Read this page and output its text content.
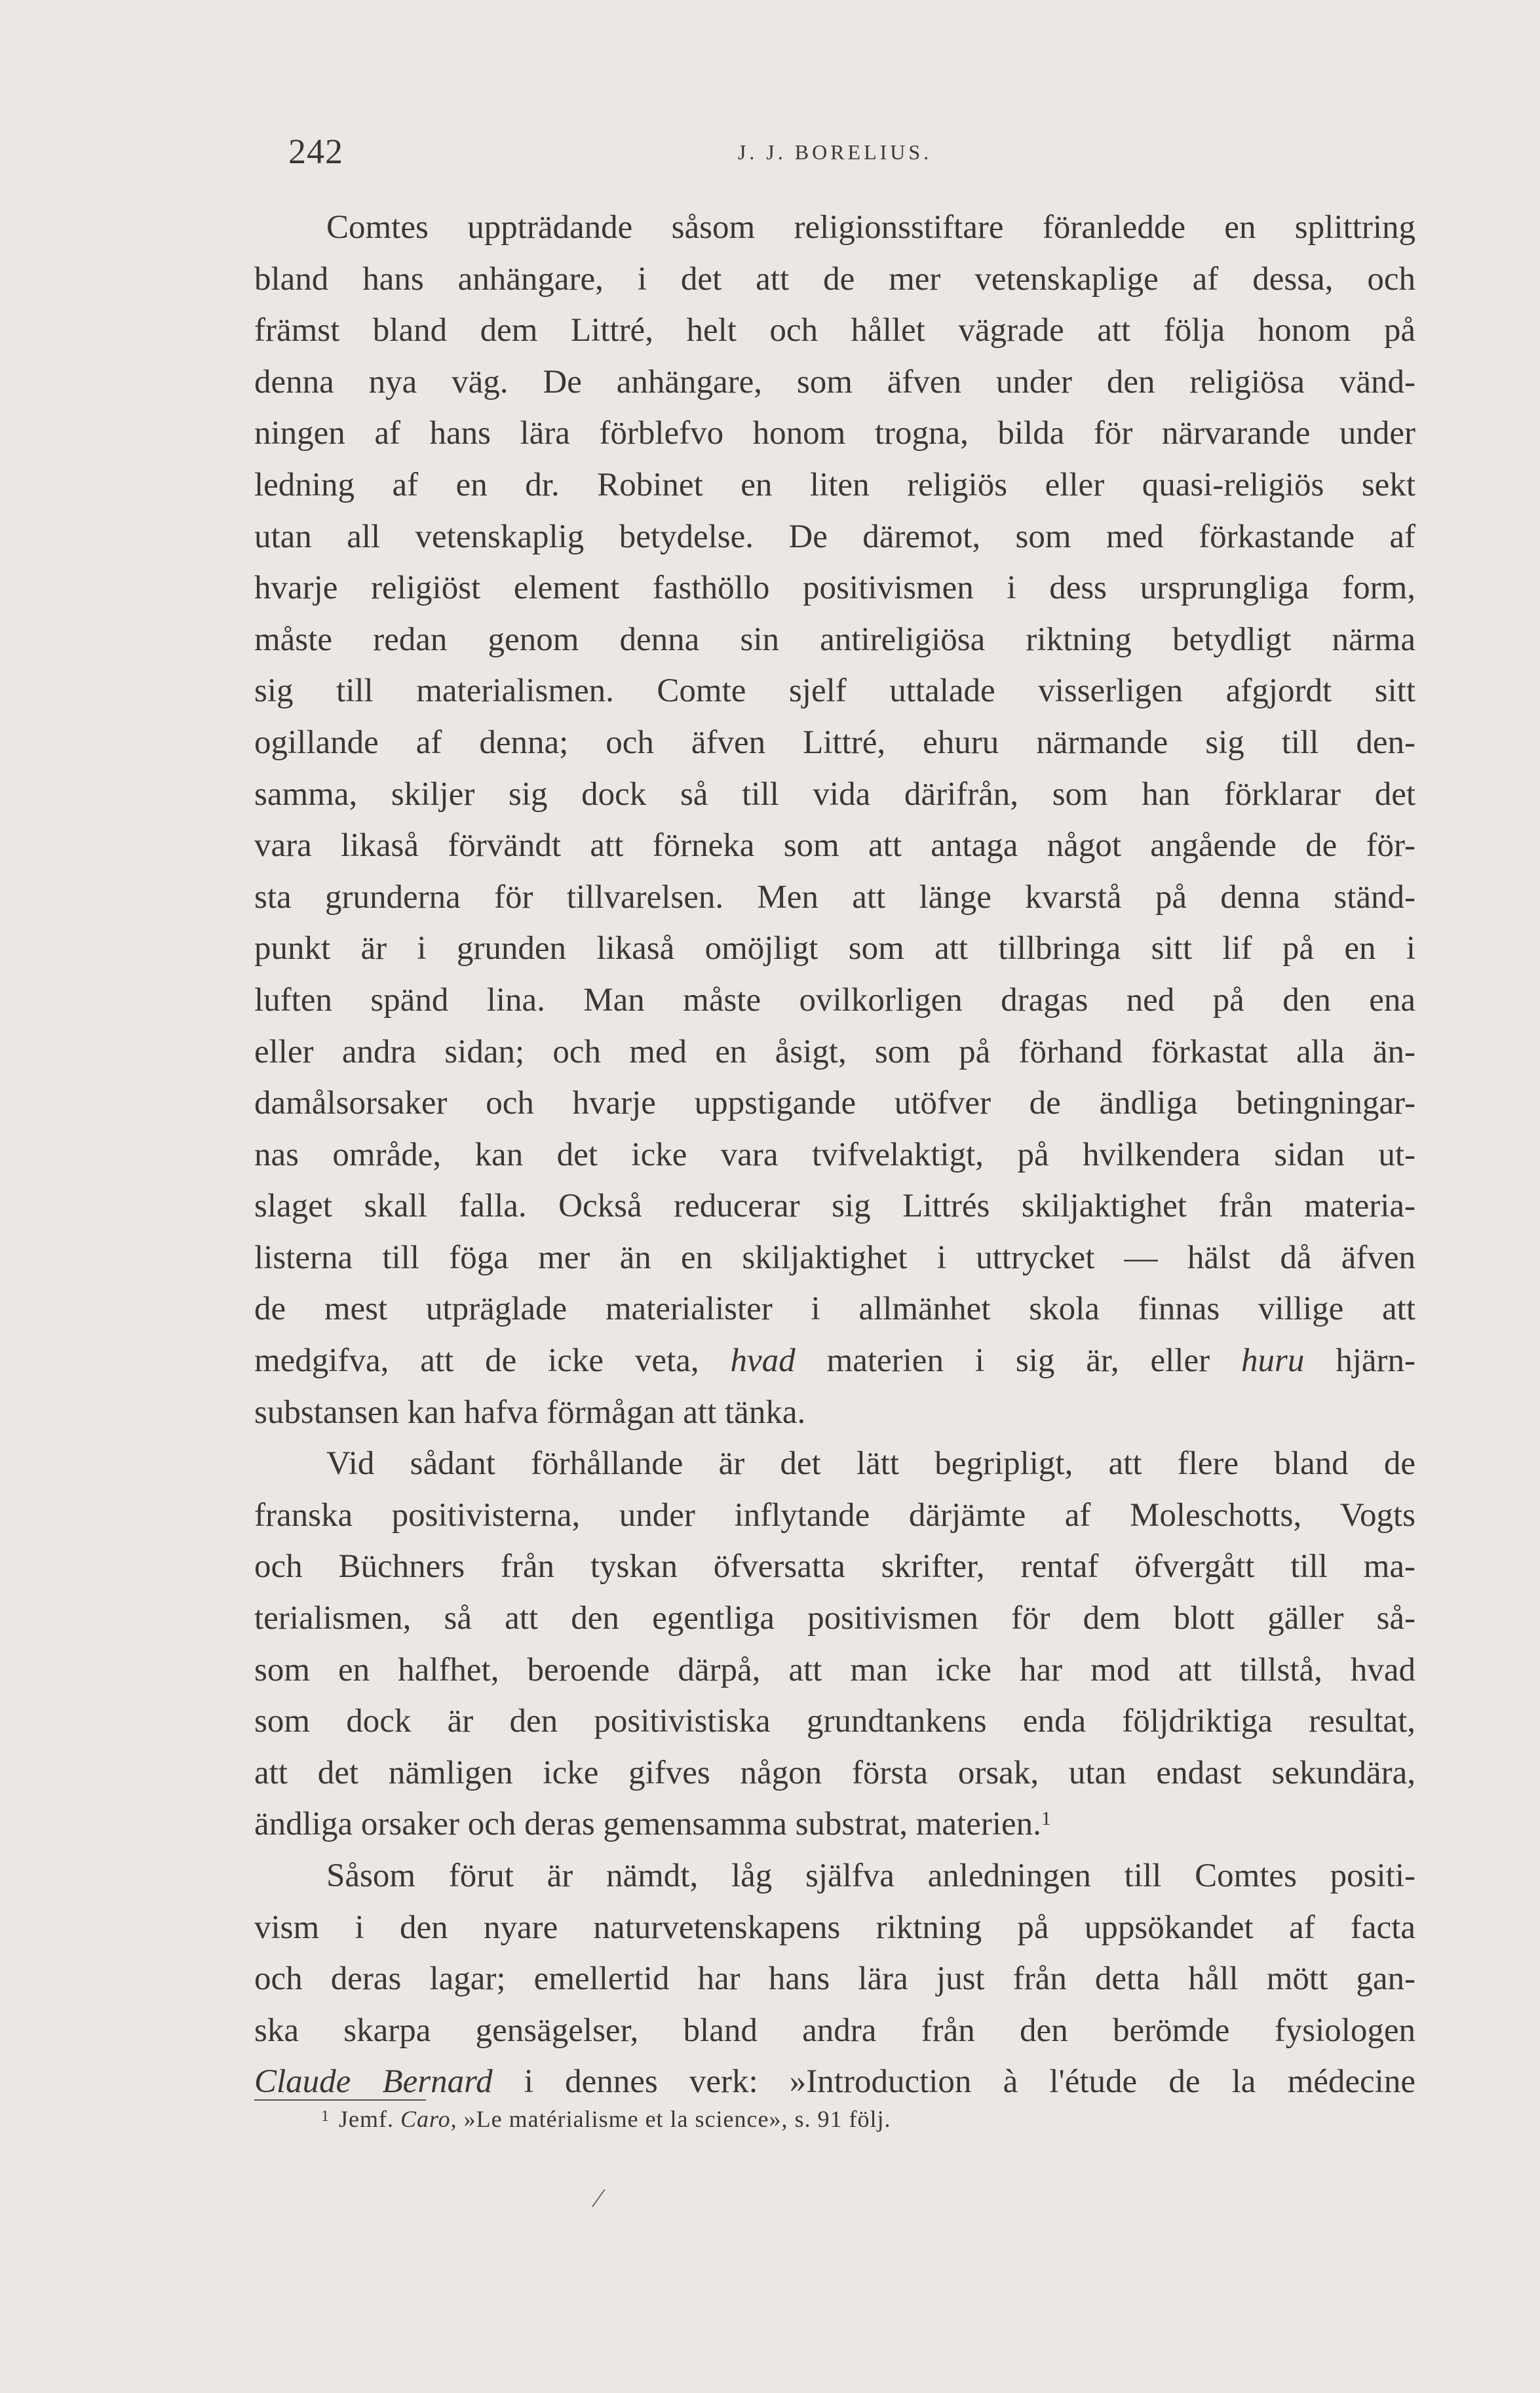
242	J. J. BORELIUS.
Comtes uppträdande såsom religionsstiftare föranledde en splittring
bland hans anhängare, i det att de mer vetenskaplige af dessa, och
främst bland dem Littré, helt och hållet vägrade att följa honom på
denna nya väg. De anhängare, som äfven under den religiösa vänd-
ningen af hans lära förblefvo honom trogna, bilda för närvarande under
ledning af en dr. Robinet en liten religiös eller quasi-religiös sekt
utan all vetenskaplig betydelse. De däremot, som med förkastande af
hvarje religiöst element fasthöllo positivismen i dess ursprungliga form,
måste redan genom denna sin antireligiösa riktning betydligt närma
sig till materialismen. Comte sjelf uttalade visserligen afgjordt sitt
ogillande af denna; och äfven Littré, ehuru närmande sig till den-
samma, skiljer sig dock så till vida därifrån, som han förklarar det
vara likaså förvändt att förneka som att antaga något angående de för-
sta grunderna för tillvarelsen. Men att länge kvarstå på denna ständ-
punkt är i grunden likaså omöjligt som att tillbringa sitt lif på en i
luften spänd lina. Man måste ovilkorligen dragas ned på den ena
eller andra sidan; och med en åsigt, som på förhand förkastat alla än-
damålsorsaker och hvarje uppstigande utöfver de ändliga betingningar-
nas område, kan det icke vara tvifvelaktigt, på hvilkendera sidan ut-
slaget skall falla. Också reducerar sig Littrés skiljaktighet från materia-
listerna till föga mer än en skiljaktighet i uttrycket — hälst då äfven
de mest utpräglade materialister i allmänhet skola finnas villige att
medgifva, att de icke veta, hvad materien i sig är, eller huru hjärn-
substansen kan hafva förmågan att tänka.
Vid sådant förhållande är det lätt begripligt, att flere bland de
franska positivisterna, under inflytande därjämte af Moleschotts, Vogts
och Büchners från tyskan öfversatta skrifter, rentaf öfvergått till ma-
terialismen, så att den egentliga positivismen för dem blott gäller så-
som en halfhet, beroende därpå, att man icke har mod att tillstå, hvad
som dock är den positivistiska grundtankens enda följdriktiga resultat,
att det nämligen icke gifves någon första orsak, utan endast sekundära,
ändliga orsaker och deras gemensamma substrat, materien.$^1$
Såsom förut är nämdt, låg själfva anledningen till Comtes positi-
vism i den nyare naturvetenskapens riktning på uppsökandet af facta
och deras lagar; emellertid har hans lära just från detta håll mött gan-
ska skarpa gensägelser, bland andra från den berömde fysiologen
Claude Bernard i dennes verk: »Introduction à l'étude de la médecine
$^1$ Jemf. Caro, »Le matérialisme et la science», s. 91 följ.
⁄
